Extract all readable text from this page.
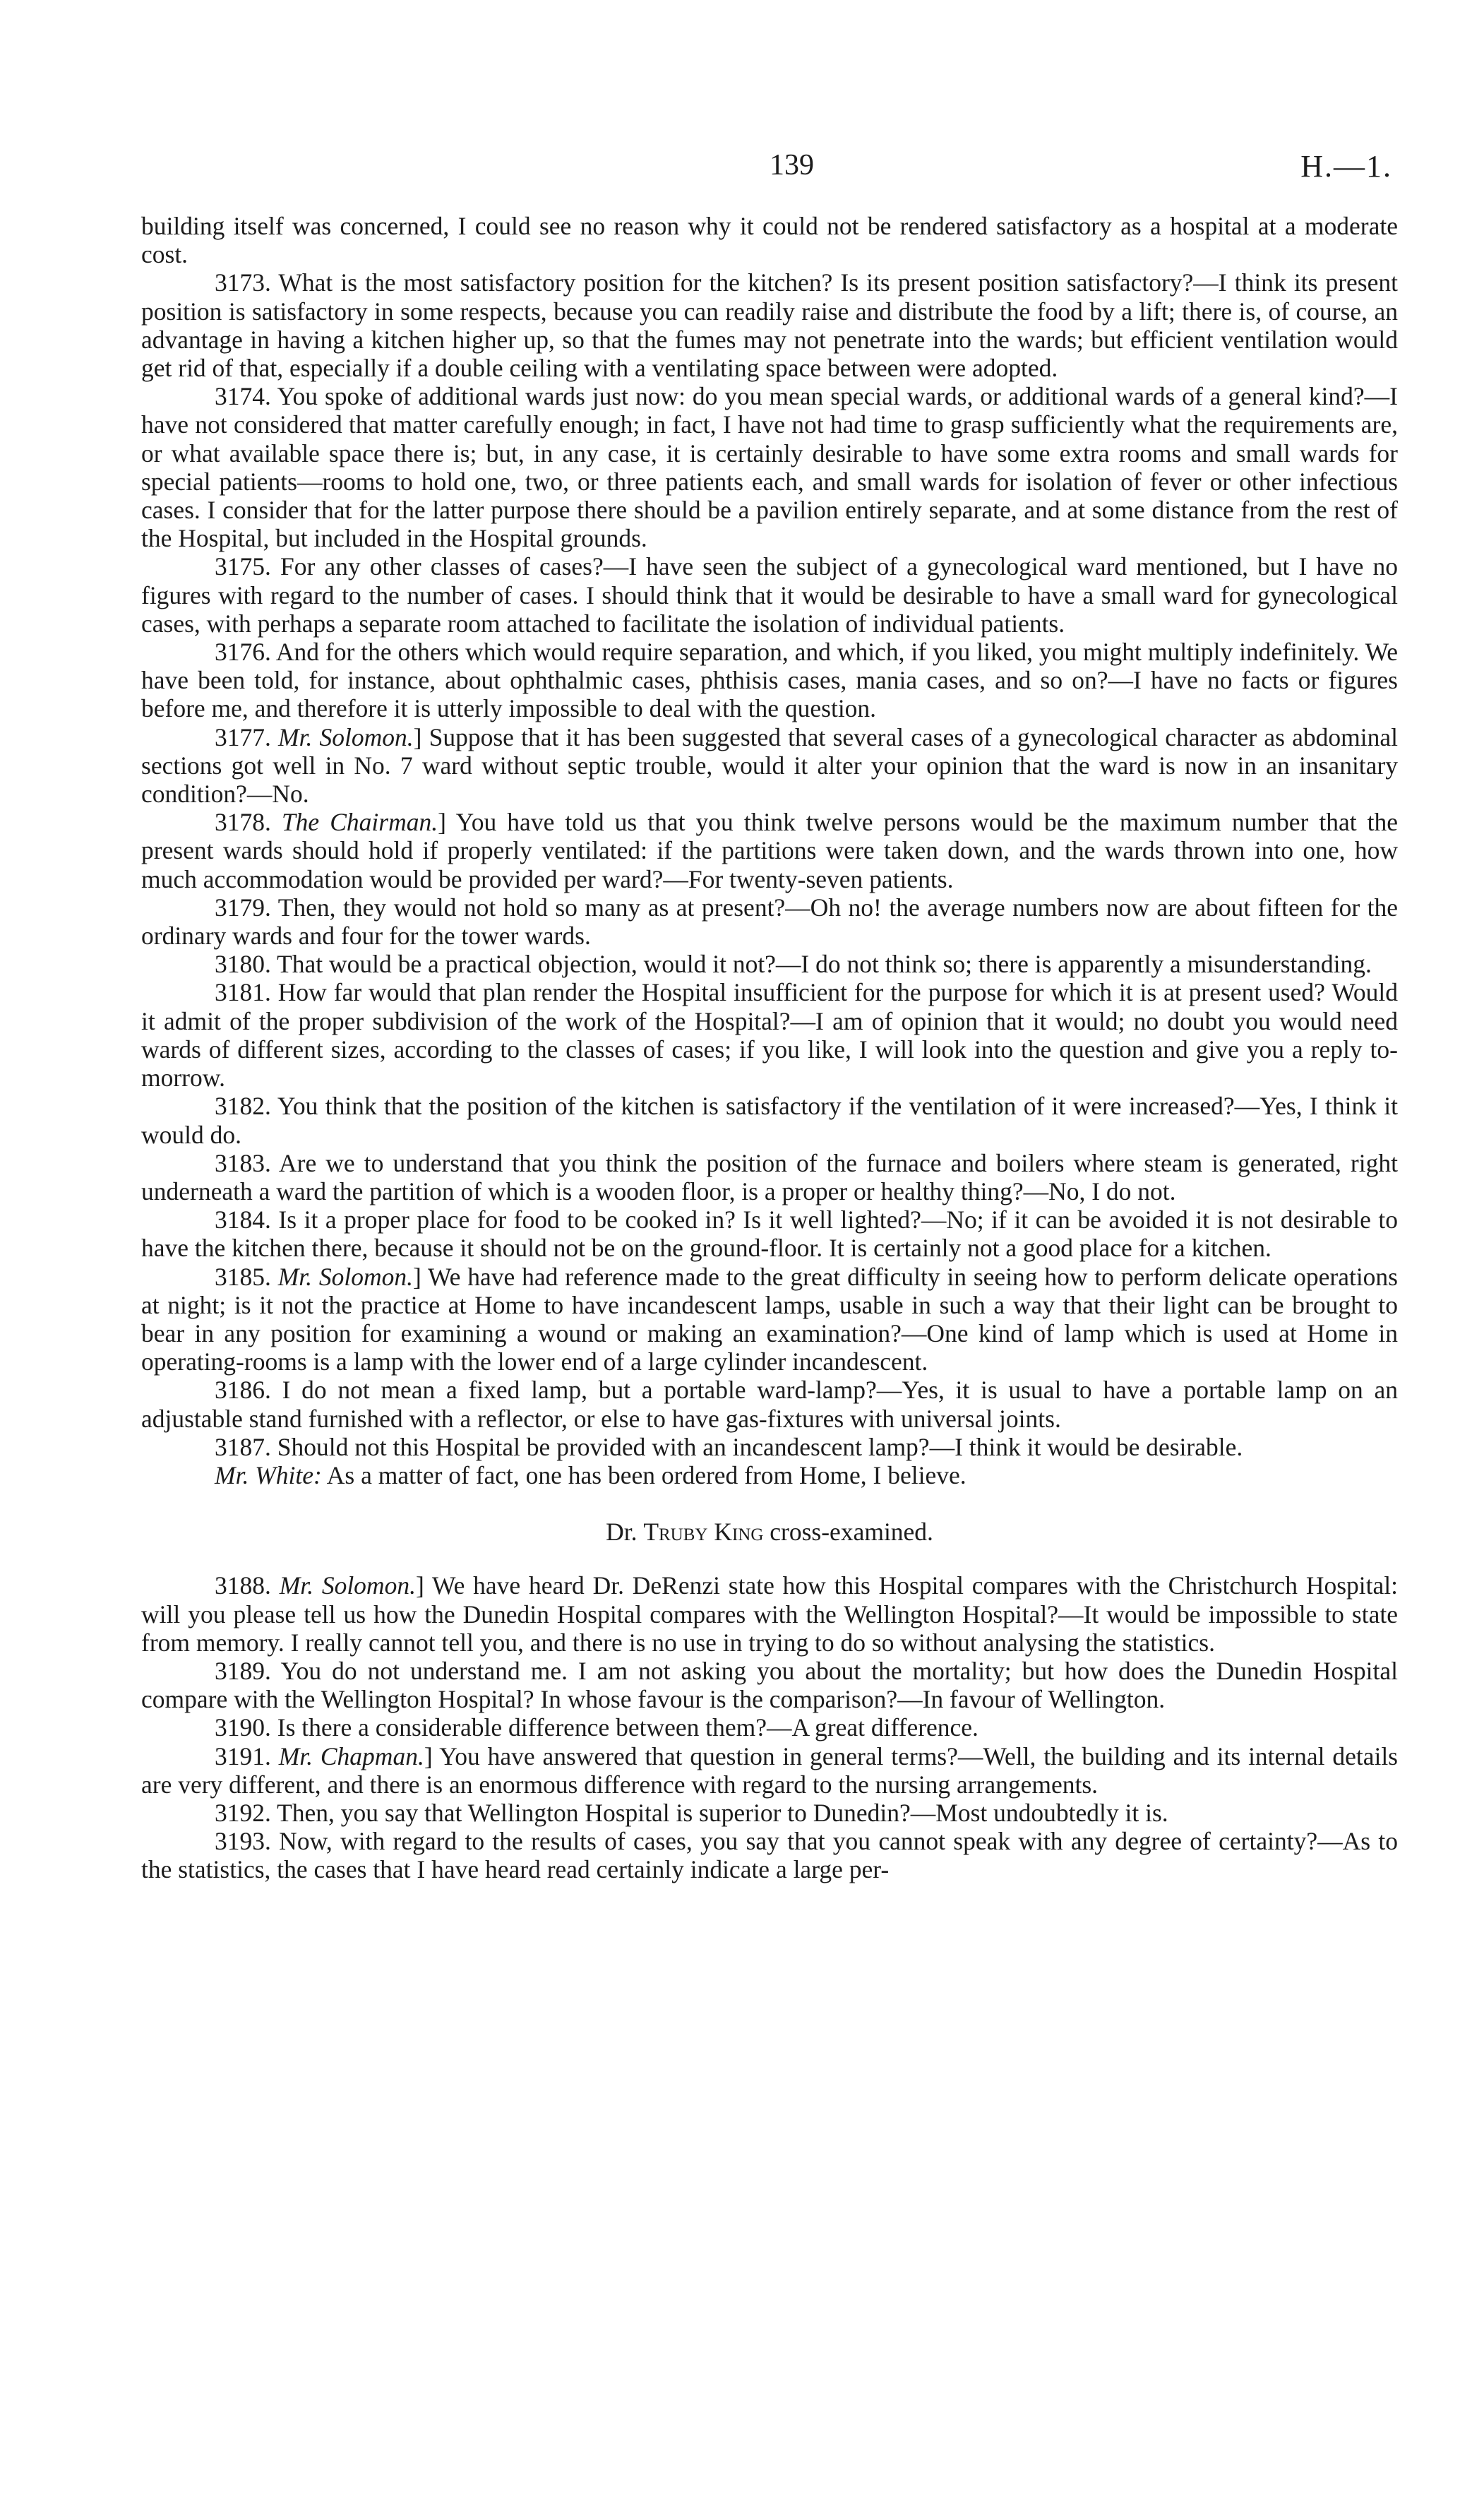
139	H.—1.

building itself was concerned, I could see no reason why it could not be rendered satisfactory as a hospital at a moderate cost.

3173. What is the most satisfactory position for the kitchen? Is its present position satisfactory?—I think its present position is satisfactory in some respects, because you can readily raise and distribute the food by a lift; there is, of course, an advantage in having a kitchen higher up, so that the fumes may not penetrate into the wards; but efficient ventilation would get rid of that, especially if a double ceiling with a ventilating space between were adopted.

3174. You spoke of additional wards just now: do you mean special wards, or additional wards of a general kind?—I have not considered that matter carefully enough; in fact, I have not had time to grasp sufficiently what the requirements are, or what available space there is; but, in any case, it is certainly desirable to have some extra rooms and small wards for special patients—rooms to hold one, two, or three patients each, and small wards for isolation of fever or other infectious cases. I consider that for the latter purpose there should be a pavilion entirely separate, and at some distance from the rest of the Hospital, but included in the Hospital grounds.

3175. For any other classes of cases?—I have seen the subject of a gynecological ward mentioned, but I have no figures with regard to the number of cases. I should think that it would be desirable to have a small ward for gynecological cases, with perhaps a separate room attached to facilitate the isolation of individual patients.

3176. And for the others which would require separation, and which, if you liked, you might multiply indefinitely. We have been told, for instance, about ophthalmic cases, phthisis cases, mania cases, and so on?—I have no facts or figures before me, and therefore it is utterly impossible to deal with the question.

3177. Mr. Solomon.] Suppose that it has been suggested that several cases of a gynecological character as abdominal sections got well in No. 7 ward without septic trouble, would it alter your opinion that the ward is now in an insanitary condition?—No.

3178. The Chairman.] You have told us that you think twelve persons would be the maximum number that the present wards should hold if properly ventilated: if the partitions were taken down, and the wards thrown into one, how much accommodation would be provided per ward?—For twenty-seven patients.

3179. Then, they would not hold so many as at present?—Oh no! the average numbers now are about fifteen for the ordinary wards and four for the tower wards.

3180. That would be a practical objection, would it not?—I do not think so; there is apparently a misunderstanding.

3181. How far would that plan render the Hospital insufficient for the purpose for which it is at present used? Would it admit of the proper subdivision of the work of the Hospital?—I am of opinion that it would; no doubt you would need wards of different sizes, according to the classes of cases; if you like, I will look into the question and give you a reply to-morrow.

3182. You think that the position of the kitchen is satisfactory if the ventilation of it were increased?—Yes, I think it would do.

3183. Are we to understand that you think the position of the furnace and boilers where steam is generated, right underneath a ward the partition of which is a wooden floor, is a proper or healthy thing?—No, I do not.

3184. Is it a proper place for food to be cooked in? Is it well lighted?—No; if it can be avoided it is not desirable to have the kitchen there, because it should not be on the ground-floor. It is certainly not a good place for a kitchen.

3185. Mr. Solomon.] We have had reference made to the great difficulty in seeing how to perform delicate operations at night; is it not the practice at Home to have incandescent lamps, usable in such a way that their light can be brought to bear in any position for examining a wound or making an examination?—One kind of lamp which is used at Home in operating-rooms is a lamp with the lower end of a large cylinder incandescent.

3186. I do not mean a fixed lamp, but a portable ward-lamp?—Yes, it is usual to have a portable lamp on an adjustable stand furnished with a reflector, or else to have gas-fixtures with universal joints.

3187. Should not this Hospital be provided with an incandescent lamp?—I think it would be desirable.

Mr. White: As a matter of fact, one has been ordered from Home, I believe.

Dr. Truby King cross-examined.

3188. Mr. Solomon.] We have heard Dr. DeRenzi state how this Hospital compares with the Christchurch Hospital: will you please tell us how the Dunedin Hospital compares with the Wellington Hospital?—It would be impossible to state from memory. I really cannot tell you, and there is no use in trying to do so without analysing the statistics.

3189. You do not understand me. I am not asking you about the mortality; but how does the Dunedin Hospital compare with the Wellington Hospital? In whose favour is the comparison?—In favour of Wellington.

3190. Is there a considerable difference between them?—A great difference.

3191. Mr. Chapman.] You have answered that question in general terms?—Well, the building and its internal details are very different, and there is an enormous difference with regard to the nursing arrangements.

3192. Then, you say that Wellington Hospital is superior to Dunedin?—Most undoubtedly it is.

3193. Now, with regard to the results of cases, you say that you cannot speak with any degree of certainty?—As to the statistics, the cases that I have heard read certainly indicate a large per-
